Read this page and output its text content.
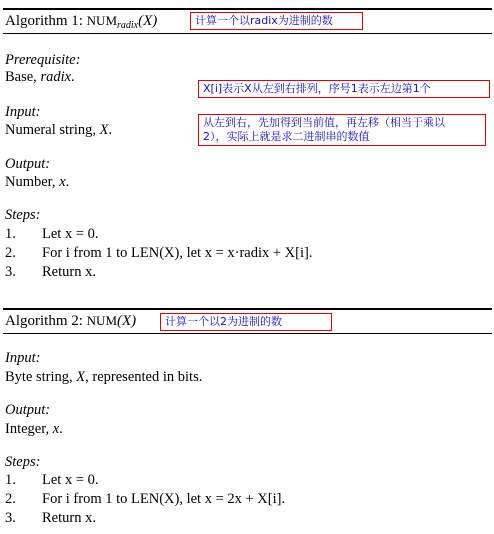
Algorithm 1: $NUM_{radix}(X)$	计算一个以radix为进制的数
Prerequisite:
Base, radix.
X[i]表示X从左到右排列，序号1表示左边第1个
Input:
Numeral string, X.	从左到右，先加得到当前值，再左移（相当于乘以
2），实际上就是求二进制串的数值
Output:
Number, x.
Steps:
1. Let x = 0.
2. For i from 1 to LEN(X), let x = x·radix + X[i].
3. Return x.
Algorithm 2: NUM(X)	计算一个以2为进制的数
Input:
Byte string, X, represented in bits.
Output:
Integer, x.
Steps:
1. Let x = 0.
2. For i from 1 to LEN(X), let x = 2x + X[i].
3. Return x.
